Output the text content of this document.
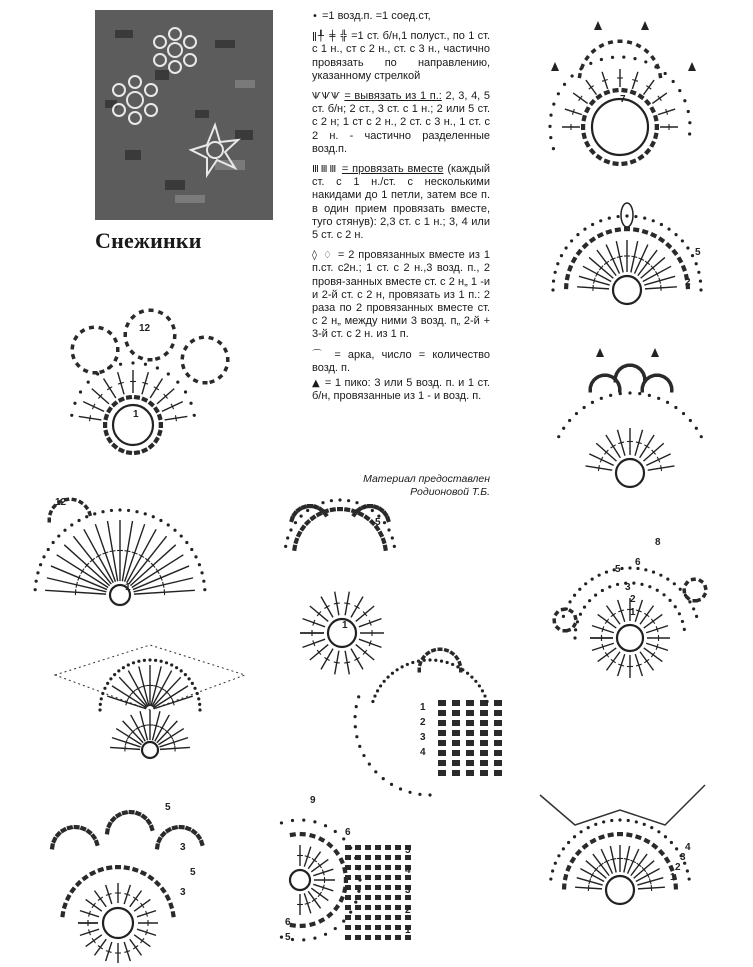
Снежинки

• =1 возд.п. =1 соед.ст,

ǁ╀ ╪ ╬ =1 ст. б/н,1 полуст., по 1 ст. с 1 н., ст с 2 н., ст. с 3 н., частично провязать по направлению, указанному стрелкой

ѰѰѰ = вывязать из 1 п.: 2, 3, 4, 5 ст. б/н; 2 ст., 3 ст. с 1 н.; 2 или 5 ст. с 2 н; 1 ст с 2 н., 2 ст. с 3 н., 1 ст. с 2 н. - частично разделенные возд.п.

ⅢⅢⅢ = провязать вместе (каждый ст. с 1 н./ст. с несколькими накидами до 1 петли, затем все п. в один прием провязать вместе, туго стянув): 2,3 ст. с 1 н.; 3, 4 или 5 ст. с 2 н.

◊ ♢ = 2 провязанных вместе из 1 п.ст. с2н.; 1 ст. с 2 н.,3 возд. п., 2 провя-занных вместе ст. с 2 н„ 1 -и и 2-й ст. с 2 н, провязать из 1 п.: 2 раза по 2 провязанных вместе ст. с 2 н„ между ними 3 возд. п„ 2-й + 3-й ст. с 2 н. из 1 п.

⌒ = арка, число = количество возд. п.

▲ = 1 пико: 3 или 5 возд. п. и 1 ст. б/н, провязанные из 1 - и возд. п.

Материал предоставлен
Родионовой Т.Б.
12
1
7
5
2
12
1
5
1
8
6
5
3
2
1
1
2
3
4
5
3
5
3
9
6
5
4
3
2
1
6
5
4
3
2
1
